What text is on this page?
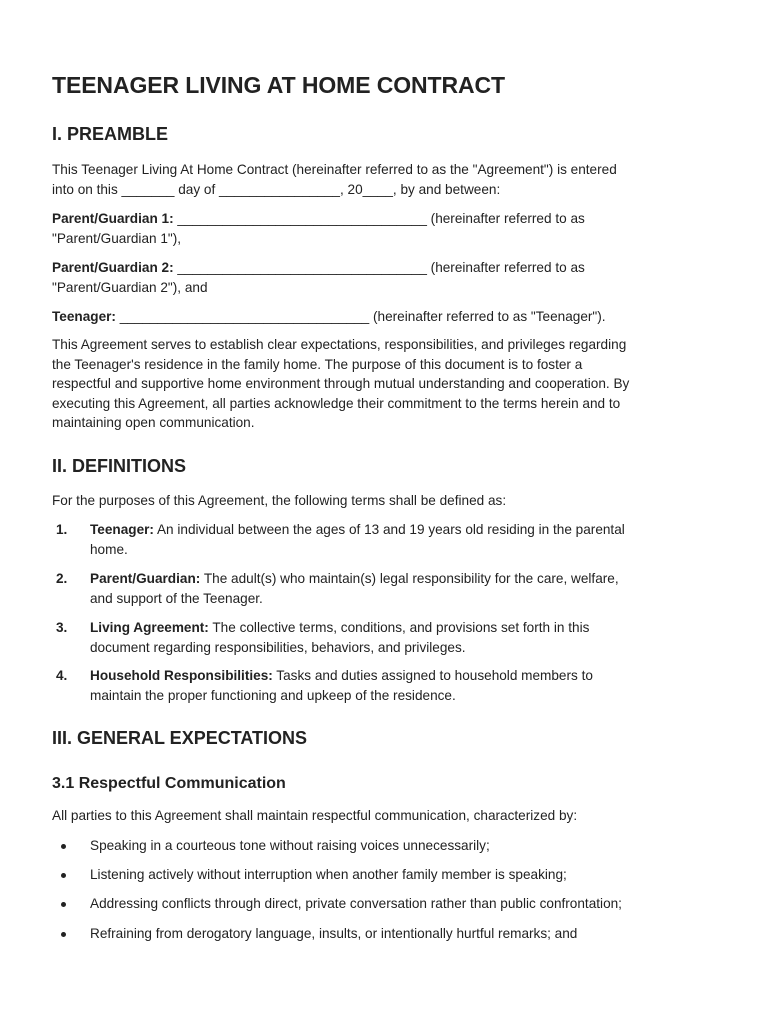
TEENAGER LIVING AT HOME CONTRACT
I. PREAMBLE
This Teenager Living At Home Contract (hereinafter referred to as the "Agreement") is entered
into on this _______ day of ________________, 20____, by and between:
Parent/Guardian 1: _________________________________ (hereinafter referred to as
"Parent/Guardian 1"),
Parent/Guardian 2: _________________________________ (hereinafter referred to as
"Parent/Guardian 2"), and
Teenager: _________________________________ (hereinafter referred to as "Teenager").
This Agreement serves to establish clear expectations, responsibilities, and privileges regarding
the Teenager's residence in the family home. The purpose of this document is to foster a
respectful and supportive home environment through mutual understanding and cooperation. By
executing this Agreement, all parties acknowledge their commitment to the terms herein and to
maintaining open communication.
II. DEFINITIONS
For the purposes of this Agreement, the following terms shall be defined as:
1. Teenager: An individual between the ages of 13 and 19 years old residing in the parental
home.
2. Parent/Guardian: The adult(s) who maintain(s) legal responsibility for the care, welfare,
and support of the Teenager.
3. Living Agreement: The collective terms, conditions, and provisions set forth in this
document regarding responsibilities, behaviors, and privileges.
4. Household Responsibilities: Tasks and duties assigned to household members to
maintain the proper functioning and upkeep of the residence.
III. GENERAL EXPECTATIONS
3.1 Respectful Communication
All parties to this Agreement shall maintain respectful communication, characterized by:
Speaking in a courteous tone without raising voices unnecessarily;
Listening actively without interruption when another family member is speaking;
Addressing conflicts through direct, private conversation rather than public confrontation;
Refraining from derogatory language, insults, or intentionally hurtful remarks; and
